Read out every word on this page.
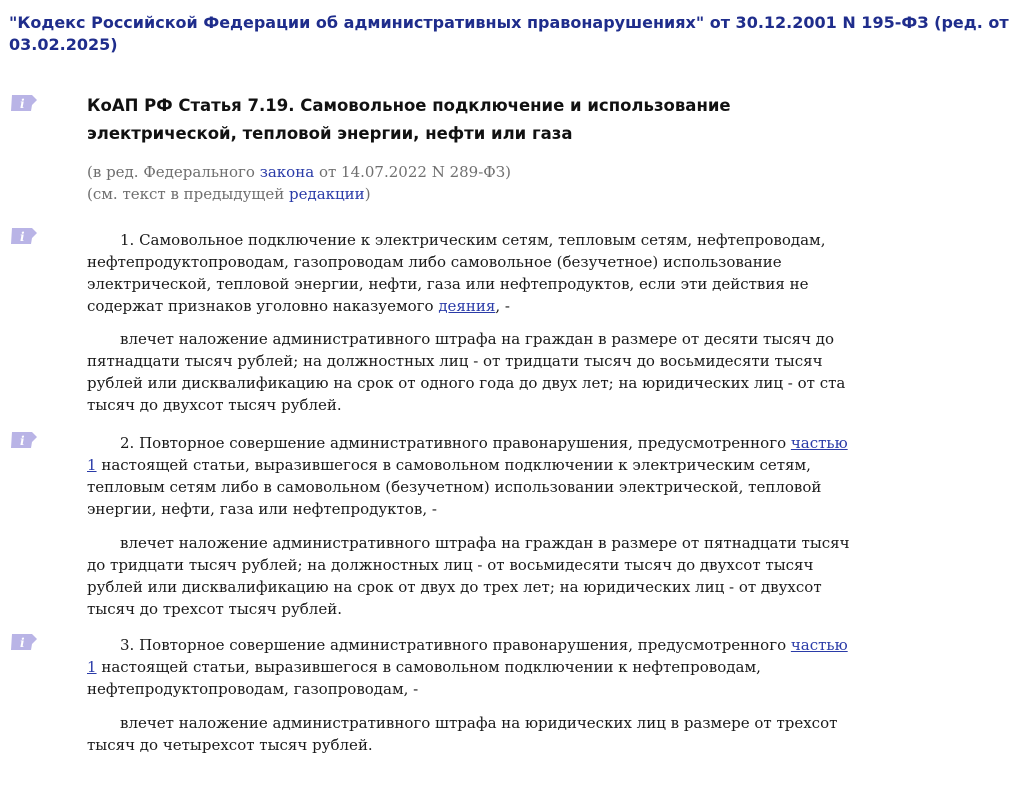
"Кодекс Российской Федерации об административных правонарушениях" от 30.12.2001 N 195-ФЗ (ред. от
03.02.2025)
i
i
i
i
КоАП РФ Статья 7.19. Самовольное подключение и использование
электрической, тепловой энергии, нефти или газа
(в ред. Федерального закона от 14.07.2022 N 289-ФЗ)
(см. текст в предыдущей редакции)
1. Самовольное подключение к электрическим сетям, тепловым сетям, нефтепроводам,
нефтепродуктопроводам, газопроводам либо самовольное (безучетное) использование
электрической, тепловой энергии, нефти, газа или нефтепродуктов, если эти действия не
содержат признаков уголовно наказуемого деяния, -
влечет наложение административного штрафа на граждан в размере от десяти тысяч до
пятнадцати тысяч рублей; на должностных лиц - от тридцати тысяч до восьмидесяти тысяч
рублей или дисквалификацию на срок от одного года до двух лет; на юридических лиц - от ста
тысяч до двухсот тысяч рублей.
2. Повторное совершение административного правонарушения, предусмотренного частью
1 настоящей статьи, выразившегося в самовольном подключении к электрическим сетям,
тепловым сетям либо в самовольном (безучетном) использовании электрической, тепловой
энергии, нефти, газа или нефтепродуктов, -
влечет наложение административного штрафа на граждан в размере от пятнадцати тысяч
до тридцати тысяч рублей; на должностных лиц - от восьмидесяти тысяч до двухсот тысяч
рублей или дисквалификацию на срок от двух до трех лет; на юридических лиц - от двухсот
тысяч до трехсот тысяч рублей.
3. Повторное совершение административного правонарушения, предусмотренного частью
1 настоящей статьи, выразившегося в самовольном подключении к нефтепроводам,
нефтепродуктопроводам, газопроводам, -
влечет наложение административного штрафа на юридических лиц в размере от трехсот
тысяч до четырехсот тысяч рублей.
